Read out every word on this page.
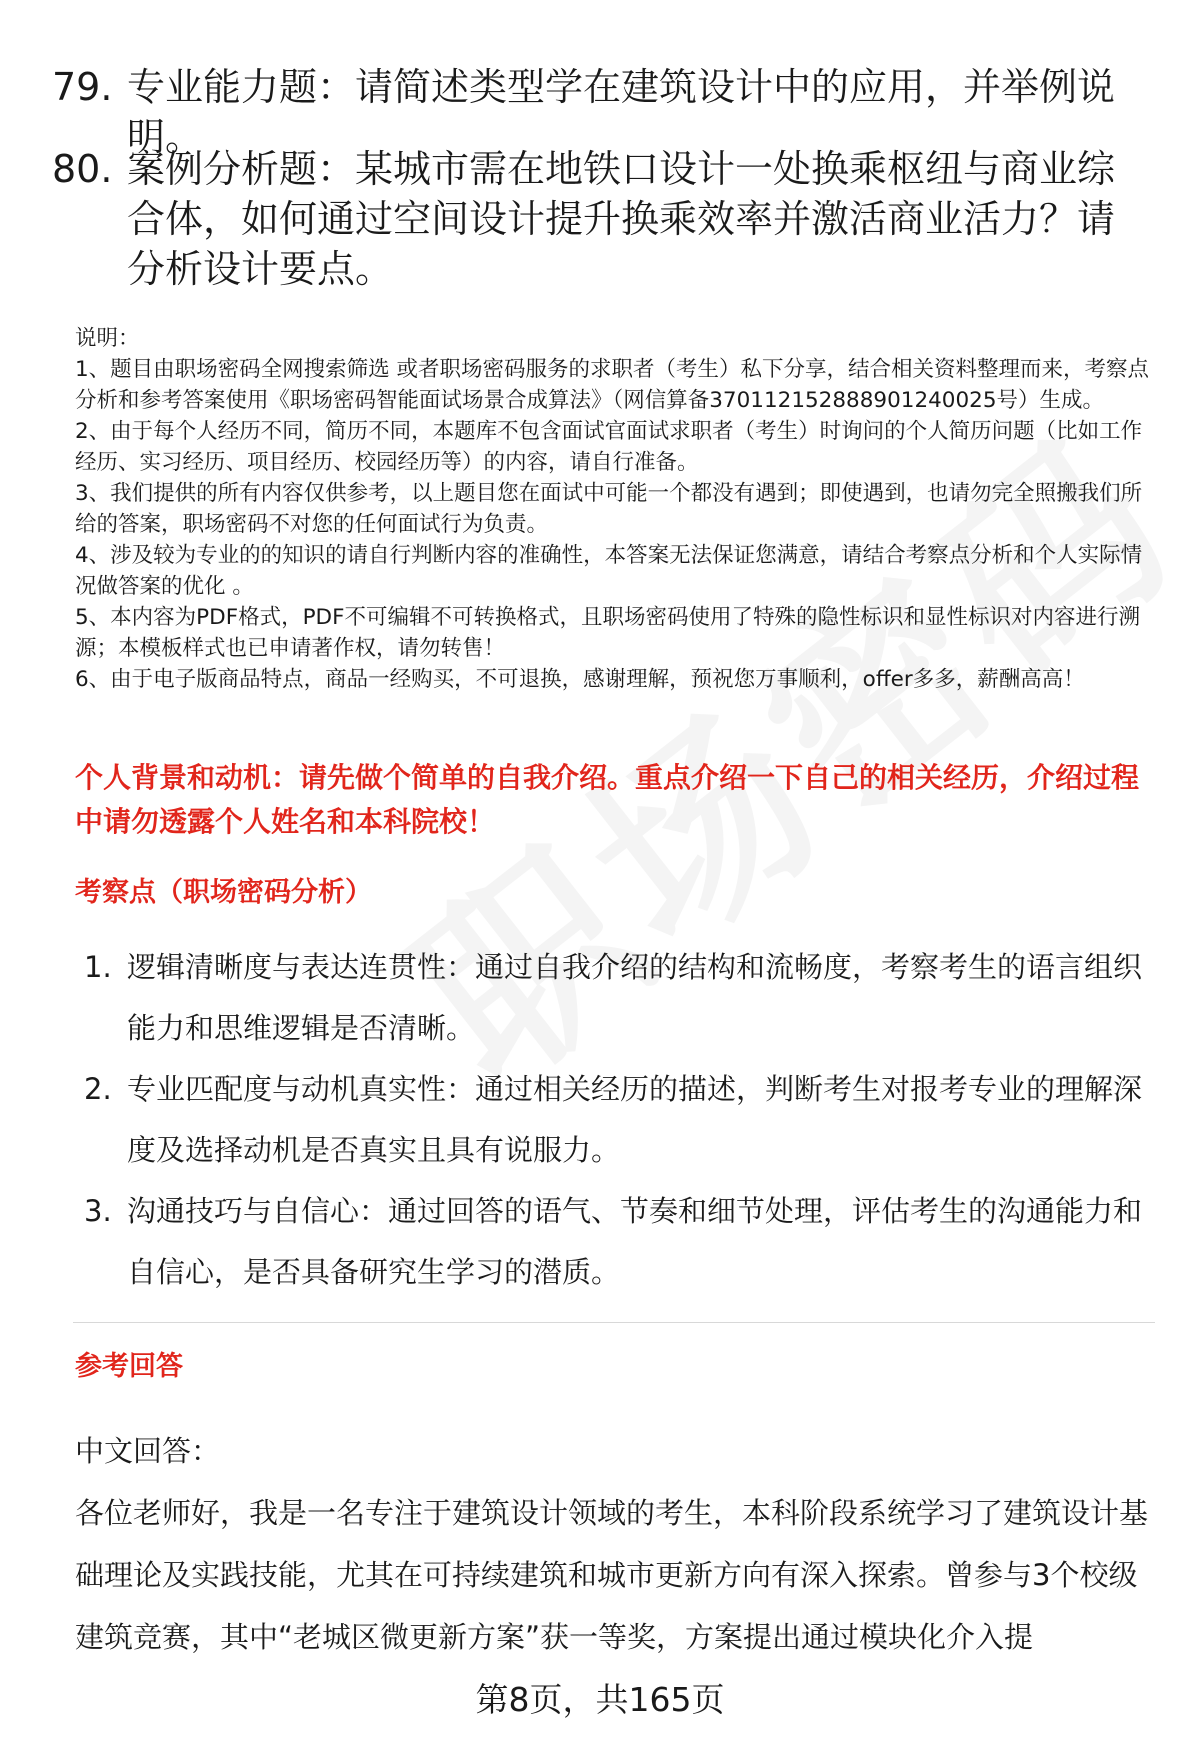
79. 专业能力题：请简述类型学在建筑设计中的应用，并举例说明。
80. 案例分析题：某城市需在地铁口设计一处换乘枢纽与商业综合体，如何通过空间设计提升换乘效率并激活商业活力？请分析设计要点。
说明：
1、题目由职场密码全网搜索筛选 或者职场密码服务的求职者（考生）私下分享，结合相关资料整理而来，考察点分析和参考答案使用《职场密码智能面试场景合成算法》（网信算备370112152888901240025号）生成。
2、由于每个人经历不同，简历不同，本题库不包含面试官面试求职者（考生）时询问的个人简历问题（比如工作经历、实习经历、项目经历、校园经历等）的内容，请自行准备。
3、我们提供的所有内容仅供参考，以上题目您在面试中可能一个都没有遇到；即使遇到，也请勿完全照搬我们所给的答案，职场密码不对您的任何面试行为负责。
4、涉及较为专业的的知识的请自行判断内容的准确性，本答案无法保证您满意，请结合考察点分析和个人实际情况做答案的优化 。
5、本内容为PDF格式，PDF不可编辑不可转换格式，且职场密码使用了特殊的隐性标识和显性标识对内容进行溯源；本模板样式也已申请著作权，请勿转售！
6、由于电子版商品特点，商品一经购买，不可退换，感谢理解，预祝您万事顺利，offer多多，薪酬高高！
个人背景和动机：请先做个简单的自我介绍。重点介绍一下自己的相关经历，介绍过程中请勿透露个人姓名和本科院校！
考察点（职场密码分析）
1. 逻辑清晰度与表达连贯性：通过自我介绍的结构和流畅度，考察考生的语言组织能力和思维逻辑是否清晰。
2. 专业匹配度与动机真实性：通过相关经历的描述，判断考生对报考专业的理解深度及选择动机是否真实且具有说服力。
3. 沟通技巧与自信心：通过回答的语气、节奏和细节处理，评估考生的沟通能力和自信心，是否具备研究生学习的潜质。
参考回答
中文回答：
各位老师好，我是一名专注于建筑设计领域的考生，本科阶段系统学习了建筑设计基础理论及实践技能，尤其在可持续建筑和城市更新方向有深入探索。曾参与3个校级建筑竞赛，其中“老城区微更新方案”获一等奖，方案提出通过模块化介入提
第8页，共165页
